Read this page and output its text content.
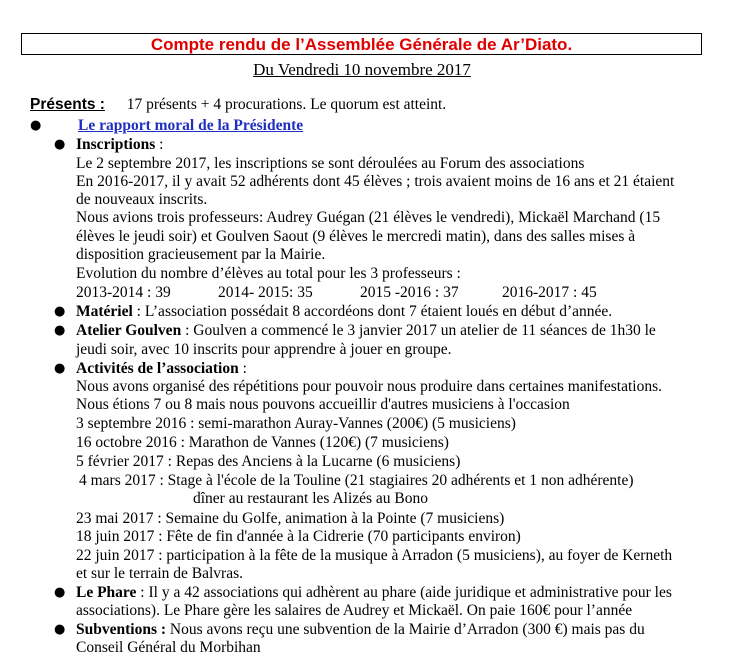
Compte rendu de l’Assemblée Générale de Ar’Diato.
Du Vendredi 10 novembre 2017
Présents : 17 présents + 4 procurations. Le quorum est atteint.
● Le rapport moral de la Présidente
● Inscriptions :
Le 2 septembre 2017, les inscriptions se sont déroulées au Forum des associations
En 2016-2017, il y avait 52 adhérents dont 45 élèves ; trois avaient moins de 16 ans et 21 étaient
de nouveaux inscrits.
Nous avions trois professeurs: Audrey Guégan (21 élèves le vendredi), Mickaël Marchand (15
élèves le jeudi soir) et Goulven Saout (9 élèves le mercredi matin), dans des salles mises à
disposition gracieusement par la Mairie.
Evolution du nombre d’élèves au total pour les 3 professeurs :
2013-2014 : 39	2014- 2015: 35	2015 -2016 : 37	2016-2017 : 45
● Matériel : L’association possédait 8 accordéons dont 7 étaient loués en début d’année.
● Atelier Goulven : Goulven a commencé le 3 janvier 2017 un atelier de 11 séances de 1h30 le
jeudi soir, avec 10 inscrits pour apprendre à jouer en groupe.
● Activités de l’association :
Nous avons organisé des répétitions pour pouvoir nous produire dans certaines manifestations.
Nous étions 7 ou 8 mais nous pouvons accueillir d'autres musiciens à l'occasion
3 septembre 2016 : semi-marathon Auray-Vannes (200€) (5 musiciens)
16 octobre 2016 : Marathon de Vannes (120€) (7 musiciens)
5 février 2017 : Repas des Anciens à la Lucarne (6 musiciens)
4 mars 2017 : Stage à l'école de la Touline (21 stagiaires 20 adhérents et 1 non adhérente)
dîner au restaurant les Alizés au Bono
23 mai 2017 : Semaine du Golfe, animation à la Pointe (7 musiciens)
18 juin 2017 : Fête de fin d'année à la Cidrerie (70 participants environ)
22 juin 2017 : participation à la fête de la musique à Arradon (5 musiciens), au foyer de Kerneth
et sur le terrain de Balvras.
● Le Phare : Il y a 42 associations qui adhèrent au phare (aide juridique et administrative pour les
associations). Le Phare gère les salaires de Audrey et Mickaël. On paie 160€ pour l’année
● Subventions : Nous avons reçu une subvention de la Mairie d’Arradon (300 €) mais pas du
Conseil Général du Morbihan
